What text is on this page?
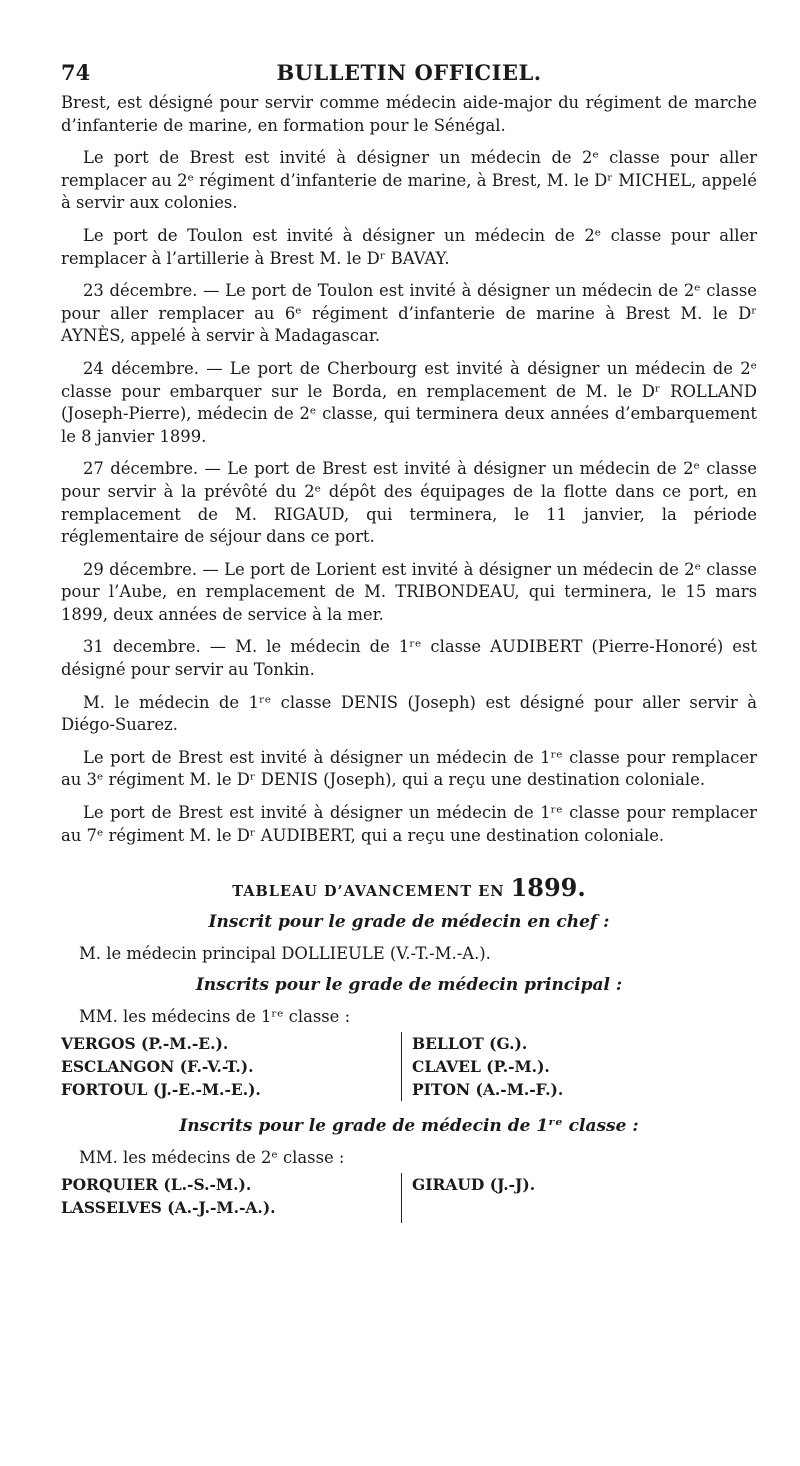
74	BULLETIN OFFICIEL.

Brest, est désigné pour servir comme médecin aide-major du régiment de marche d’infanterie de marine, en formation pour le Sénégal.

Le port de Brest est invité à désigner un médecin de 2ᵉ classe pour aller remplacer au 2ᵉ régiment d’infanterie de marine, à Brest, M. le Dʳ MICHEL, appelé à servir aux colonies.

Le port de Toulon est invité à désigner un médecin de 2ᵉ classe pour aller remplacer à l’artillerie à Brest M. le Dʳ BAVAY.

23 décembre. — Le port de Toulon est invité à désigner un médecin de 2ᵉ classe pour aller remplacer au 6ᵉ régiment d’infanterie de marine à Brest M. le Dʳ AYNÈS, appelé à servir à Madagascar.

24 décembre. — Le port de Cherbourg est invité à désigner un médecin de 2ᵉ classe pour embarquer sur le Borda, en remplacement de M. le Dʳ ROLLAND (Joseph-Pierre), médecin de 2ᵉ classe, qui terminera deux années d’embarquement le 8 janvier 1899.

27 décembre. — Le port de Brest est invité à désigner un médecin de 2ᵉ classe pour servir à la prévôté du 2ᵉ dépôt des équipages de la flotte dans ce port, en remplacement de M. RIGAUD, qui terminera, le 11 janvier, la période réglementaire de séjour dans ce port.

29 décembre. — Le port de Lorient est invité à désigner un médecin de 2ᵉ classe pour l’Aube, en remplacement de M. TRIBONDEAU, qui terminera, le 15 mars 1899, deux années de service à la mer.

31 decembre. — M. le médecin de 1ʳᵉ classe AUDIBERT (Pierre-Honoré) est désigné pour servir au Tonkin.

M. le médecin de 1ʳᵉ classe DENIS (Joseph) est désigné pour aller servir à Diégo-Suarez.

Le port de Brest est invité à désigner un médecin de 1ʳᵉ classe pour remplacer au 3ᵉ régiment M. le Dʳ DENIS (Joseph), qui a reçu une destination coloniale.

Le port de Brest est invité à désigner un médecin de 1ʳᵉ classe pour remplacer au 7ᵉ régiment M. le Dʳ AUDIBERT, qui a reçu une destination coloniale.

TABLEAU D’AVANCEMENT EN 1899.
Inscrit pour le grade de médecin en chef :
M. le médecin principal DOLLIEULE (V.-T.-M.-A.).
Inscrits pour le grade de médecin principal :
MM. les médecins de 1ʳᵉ classe :
VERGOS (P.-M.-E.).
ESCLANGON (F.-V.-T.).
FORTOUL (J.-E.-M.-E.).
BELLOT (G.).
CLAVEL (P.-M.).
PITON (A.-M.-F.).
Inscrits pour le grade de médecin de 1ʳᵉ classe :
MM. les médecins de 2ᵉ classe :
PORQUIER (L.-S.-M.).
LASSELVES (A.-J.-M.-A.).
GIRAUD (J.-J).
